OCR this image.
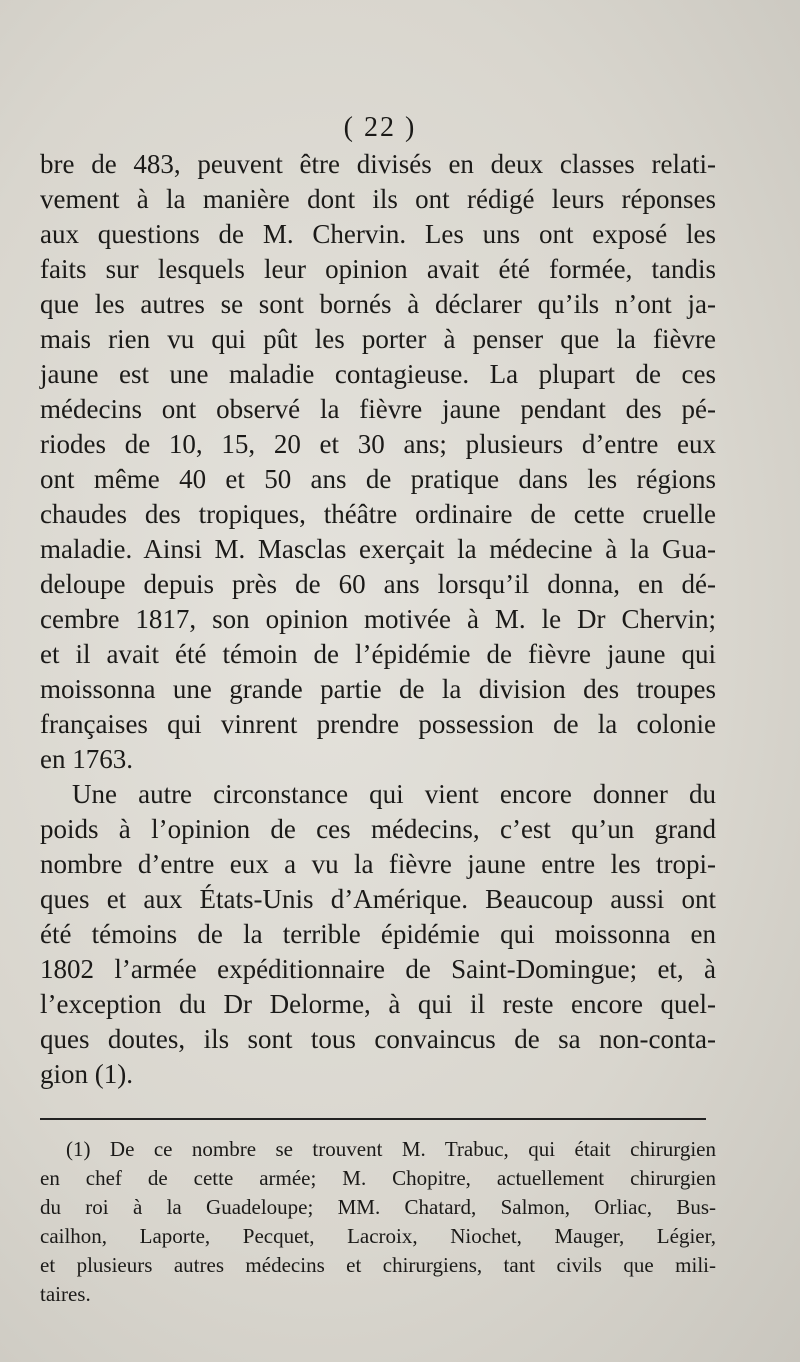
( 22 )
bre de 483, peuvent être divisés en deux classes relati-
vement à la manière dont ils ont rédigé leurs réponses
aux questions de M. Chervin. Les uns ont exposé les
faits sur lesquels leur opinion avait été formée, tandis
que les autres se sont bornés à déclarer qu’ils n’ont ja-
mais rien vu qui pût les porter à penser que la fièvre
jaune est une maladie contagieuse. La plupart de ces
médecins ont observé la fièvre jaune pendant des pé-
riodes de 10, 15, 20 et 30 ans; plusieurs d’entre eux
ont même 40 et 50 ans de pratique dans les régions
chaudes des tropiques, théâtre ordinaire de cette cruelle
maladie. Ainsi M. Masclas exerçait la médecine à la Gua-
deloupe depuis près de 60 ans lorsqu’il donna, en dé-
cembre 1817, son opinion motivée à M. le Dr Chervin;
et il avait été témoin de l’épidémie de fièvre jaune qui
moissonna une grande partie de la division des troupes
françaises qui vinrent prendre possession de la colonie
en 1763.
Une autre circonstance qui vient encore donner du
poids à l’opinion de ces médecins, c’est qu’un grand
nombre d’entre eux a vu la fièvre jaune entre les tropi-
ques et aux États-Unis d’Amérique. Beaucoup aussi ont
été témoins de la terrible épidémie qui moissonna en
1802 l’armée expéditionnaire de Saint-Domingue; et, à
l’exception du Dr Delorme, à qui il reste encore quel-
ques doutes, ils sont tous convaincus de sa non-conta-
gion (1).
(1) De ce nombre se trouvent M. Trabuc, qui était chirurgien
en chef de cette armée; M. Chopitre, actuellement chirurgien
du roi à la Guadeloupe; MM. Chatard, Salmon, Orliac, Bus-
cailhon, Laporte, Pecquet, Lacroix, Niochet, Mauger, Légier,
et plusieurs autres médecins et chirurgiens, tant civils que mili-
taires.
